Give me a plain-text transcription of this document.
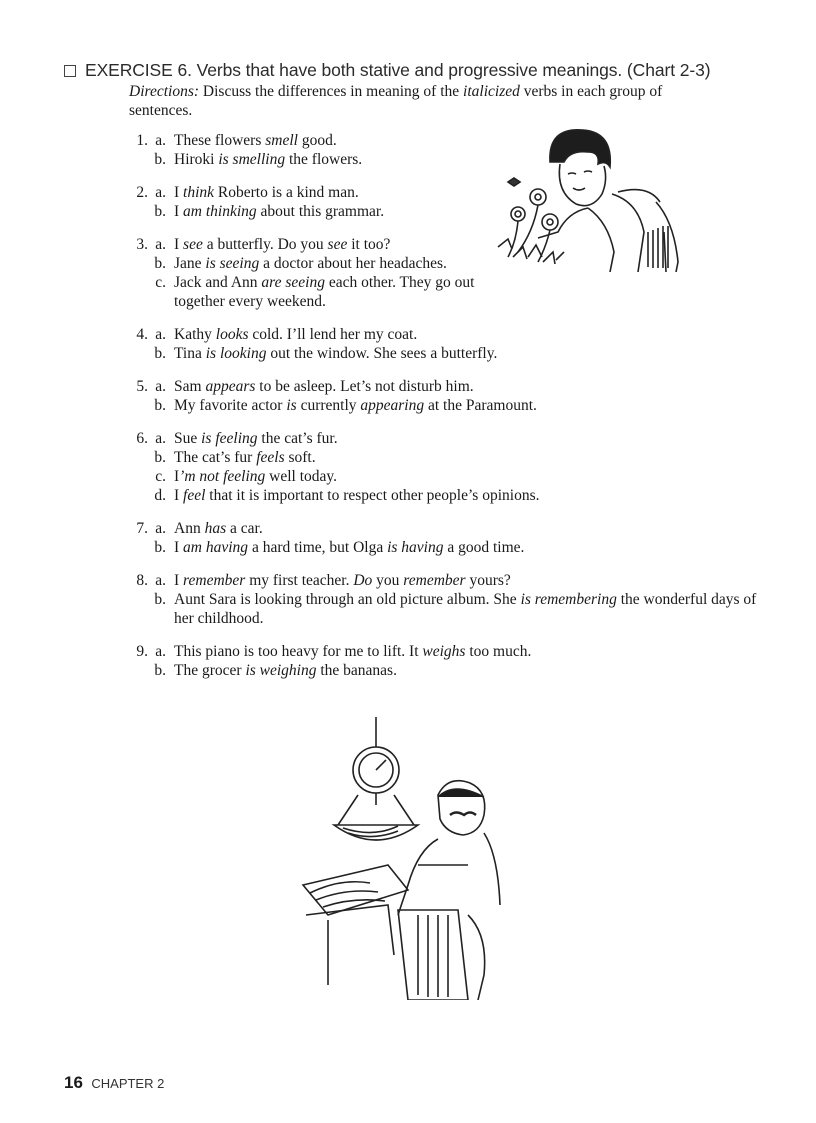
EXERCISE 6. Verbs that have both stative and progressive meanings. (Chart 2-3)
Directions: Discuss the differences in meaning of the italicized verbs in each group of sentences.
1. a. These flowers smell good.
b. Hiroki is smelling the flowers.
2. a. I think Roberto is a kind man.
b. I am thinking about this grammar.
3. a. I see a butterfly. Do you see it too?
b. Jane is seeing a doctor about her headaches.
c. Jack and Ann are seeing each other. They go out together every weekend.
4. a. Kathy looks cold. I’ll lend her my coat.
b. Tina is looking out the window. She sees a butterfly.
5. a. Sam appears to be asleep. Let’s not disturb him.
b. My favorite actor is currently appearing at the Paramount.
6. a. Sue is feeling the cat’s fur.
b. The cat’s fur feels soft.
c. I’m not feeling well today.
d. I feel that it is important to respect other people’s opinions.
7. a. Ann has a car.
b. I am having a hard time, but Olga is having a good time.
8. a. I remember my first teacher. Do you remember yours?
b. Aunt Sara is looking through an old picture album. She is remembering the wonderful days of her childhood.
9. a. This piano is too heavy for me to lift. It weighs too much.
b. The grocer is weighing the bananas.
16 CHAPTER 2
